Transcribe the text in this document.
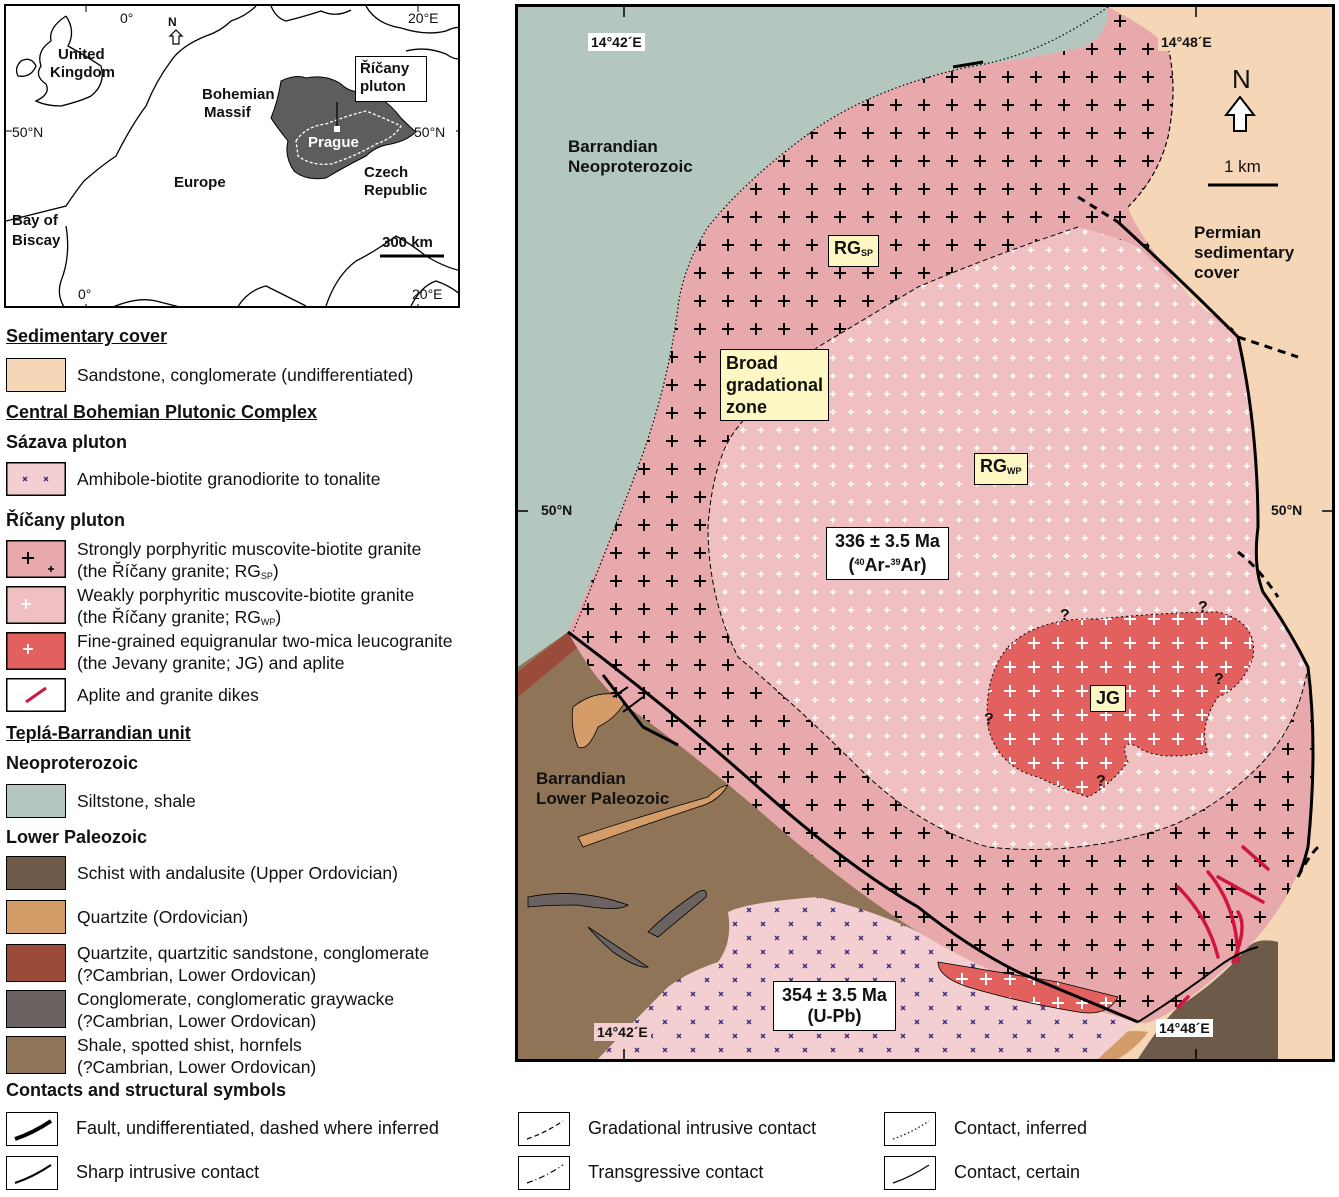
N
United
Kingdom
Bohemian
Massif
Říčany
pluton
Prague
Czech
Republic
Europe
Bay of
Biscay
0°	20°E
50°N	50°N
0°	20°E
300 km
Sedimentary cover
Sandstone, conglomerate (undifferentiated)
Central Bohemian Plutonic Complex
Sázava pluton
Amhibole-biotite granodiorite to tonalite
Říčany pluton
Strongly porphyritic muscovite-biotite granite
(the Říčany granite; $RG_{SP}$)
Weakly porphyritic muscovite-biotite granite
(the Říčany granite; $RG_{WP}$)
Fine-grained equigranular two-mica leucogranite
(the Jevany granite; JG) and aplite
Aplite and granite dikes
Teplá-Barrandian unit
Neoproterozoic
Siltstone, shale
Lower Paleozoic
Schist with andalusite (Upper Ordovician)
Quartzite (Ordovician)
Quartzite, quartzitic sandstone, conglomerate
(?Cambrian, Lower Ordovican)
Conglomerate, conglomeratic graywacke
(?Cambrian, Lower Ordovican)
Shale, spotted shist, hornfels
(?Cambrian, Lower Ordovican)
Contacts and structural symbols
Fault, undifferentiated, dashed where inferred
Sharp intrusive contact
Gradational intrusive contact
Transgressive contact
Contact, inferred
Contact, certain
14°42´E	14°48´E
50°N	50°N
14°42´E	14°48´E
N
1 km
Barrandian
Neoproterozoic
Permian
sedimentary
cover
Barrandian
Lower Paleozoic
$RG_{SP}$
$RG_{WP}$
JG
Broad
gradational
zone
336 ± 3.5 Ma
($^{40}$Ar-$^{39}$Ar)
354 ± 3.5 Ma
(U-Pb)
?	?
?
?
?
